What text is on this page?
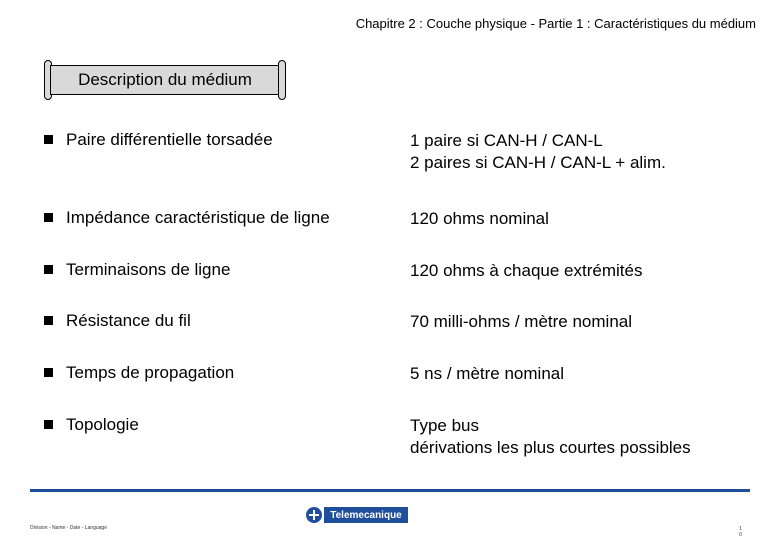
Chapitre 2 : Couche physique - Partie 1 : Caractéristiques du médium
Description du médium
Paire différentielle torsadée	1 paire si CAN-H / CAN-L
2 paires si CAN-H / CAN-L + alim.
Impédance caractéristique de ligne	120 ohms nominal
Terminaisons de ligne	120 ohms à chaque extrémités
Résistance du fil	70 milli-ohms / mètre nominal
Temps de propagation	5 ns / mètre nominal
Topologie	Type bus
dérivations les plus courtes possibles
Telemecanique
Division - Name - Date - Language	1 0
